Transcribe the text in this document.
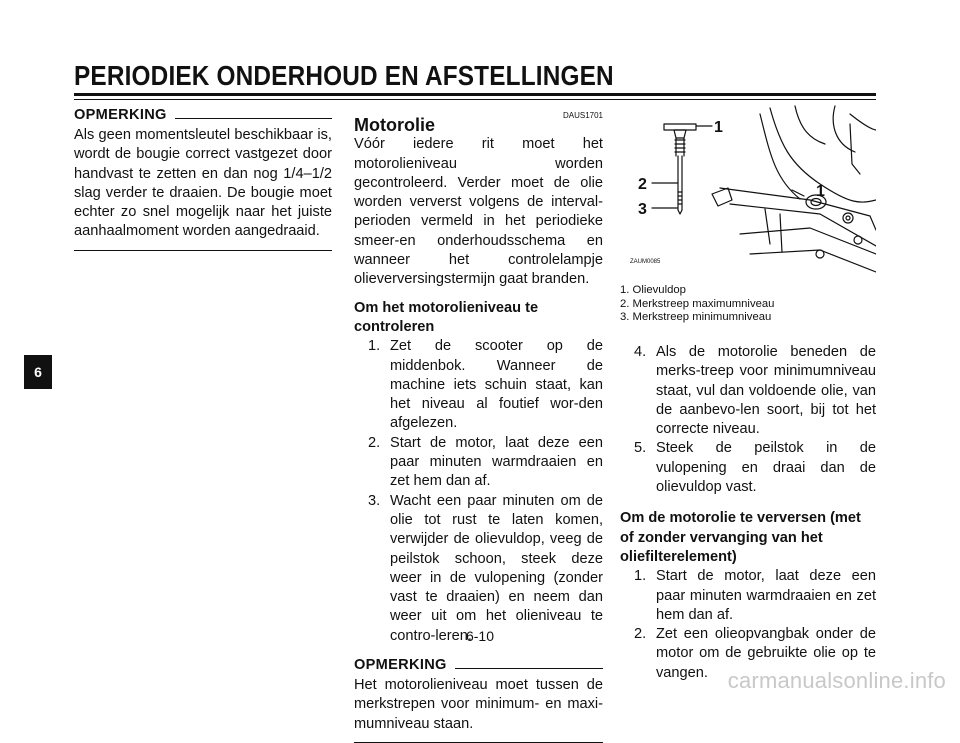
PERIODIEK ONDERHOUD EN AFSTELLINGEN
6
OPMERKING

Als geen momentsleutel beschikbaar is, wordt de bougie correct vastgezet door handvast te zetten en dan nog 1/4–1/2 slag verder te draaien. De bougie moet echter zo snel mogelijk naar het juiste aanhaalmoment worden aangedraaid.

DAUS1701

Motorolie

Vóór iedere rit moet het motorolieniveau worden gecontroleerd. Verder moet de olie worden ververst volgens de interval-perioden vermeld in het periodieke smeer-en onderhoudsschema en wanneer het controlelampje olieverversingstermijn gaat branden.

Om het motorolieniveau te controleren

1. Zet de scooter op de middenbok. Wanneer de machine iets schuin staat, kan het niveau al foutief wor-den afgelezen.
2. Start de motor, laat deze een paar minuten warmdraaien en zet hem dan af.
3. Wacht een paar minuten om de olie tot rust te laten komen, verwijder de olievuldop, veeg de peilstok schoon, steek deze weer in de vulopening (zonder vast te draaien) en neem dan weer uit om het olieniveau te contro-leren.
OPMERKING

Het motorolieniveau moet tussen de merkstrepen voor minimum- en maxi-mumniveau staan.

1
2
3
1
ZAUM0085
1. Olievuldop
2. Merkstreep maximumniveau
3. Merkstreep minimumniveau
4. Als de motorolie beneden de merks-treep voor minimumniveau staat, vul dan voldoende olie, van de aanbevo-len soort, bij tot het correcte niveau.
5. Steek de peilstok in de vulopening en draai dan de olievuldop vast.

Om de motorolie te verversen (met of zonder vervanging van het oliefilterelement)

1. Start de motor, laat deze een paar minuten warmdraaien en zet hem dan af.
2. Zet een olieopvangbak onder de motor om de gebruikte olie op te vangen.
6-10
carmanualsonline.info
